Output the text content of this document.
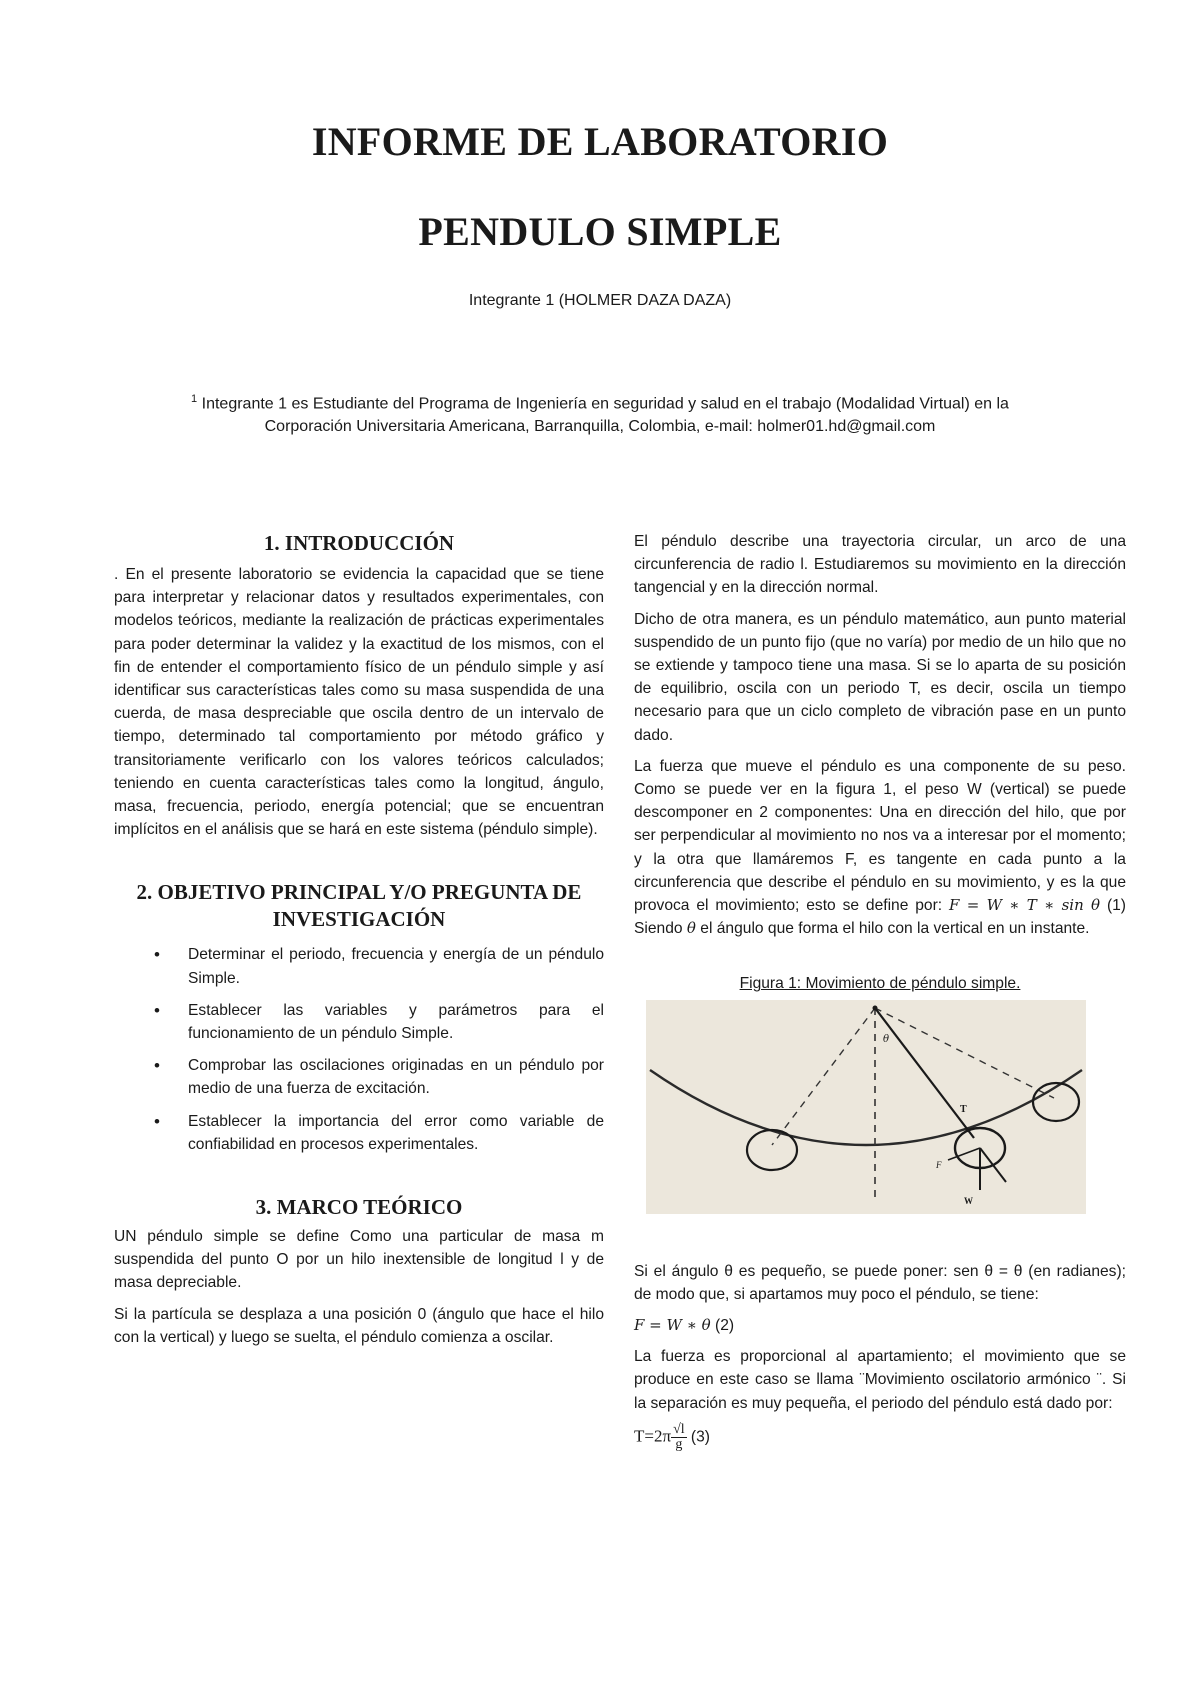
INFORME DE LABORATORIO
PENDULO SIMPLE
Integrante 1 (HOLMER DAZA DAZA)
$^1$ Integrante 1 es Estudiante del Programa de Ingeniería en seguridad y salud en el trabajo (Modalidad Virtual) en la
Corporación Universitaria Americana, Barranquilla, Colombia, e-mail: holmer01.hd@gmail.com
1. INTRODUCCIÓN

. En el presente laboratorio se evidencia la capacidad que se tiene para interpretar y relacionar datos y resultados experimentales, con modelos teóricos, mediante la realización de prácticas experimentales para poder determinar la validez y la exactitud de los mismos, con el fin de entender el comportamiento físico de un péndulo simple y así identificar sus características tales como su masa suspendida de una cuerda, de masa despreciable que oscila dentro de un intervalo de tiempo, determinado tal comportamiento por método gráfico y transitoriamente verificarlo con los valores teóricos calculados; teniendo en cuenta características tales como la longitud, ángulo, masa, frecuencia, periodo, energía potencial; que se encuentran implícitos en el análisis que se hará en este sistema (péndulo simple).

2. OBJETIVO PRINCIPAL Y/O PREGUNTA DE INVESTIGACIÓN
• Determinar el periodo, frecuencia y energía de un péndulo Simple.
• Establecer las variables y parámetros para el funcionamiento de un péndulo Simple.
• Comprobar las oscilaciones originadas en un péndulo por medio de una fuerza de excitación.
• Establecer la importancia del error como variable de confiabilidad en procesos experimentales.
3. MARCO TEÓRICO

UN péndulo simple se define Como una particular de masa m suspendida del punto O por un hilo inextensible de longitud l y de masa depreciable.

Si la partícula se desplaza a una posición 0 (ángulo que hace el hilo con la vertical) y luego se suelta, el péndulo comienza a oscilar.

El péndulo describe una trayectoria circular, un arco de una circunferencia de radio l. Estudiaremos su movimiento en la dirección tangencial y en la dirección normal.

Dicho de otra manera, es un péndulo matemático, aun punto material suspendido de un punto fijo (que no varía) por medio de un hilo que no se extiende y tampoco tiene una masa. Si se lo aparta de su posición de equilibrio, oscila con un periodo T, es decir, oscila un tiempo necesario para que un ciclo completo de vibración pase en un punto dado.

La fuerza que mueve el péndulo es una componente de su peso. Como se puede ver en la figura 1, el peso W (vertical) se puede descomponer en 2 componentes: Una en dirección del hilo, que por ser perpendicular al movimiento no nos va a interesar por el momento; y la otra que llamáremos F, es tangente en cada punto a la circunferencia que describe el péndulo en su movimiento, y es la que provoca el movimiento; esto se define por: F = W ∗ T ∗ sin θ (1) Siendo θ el ángulo que forma el hilo con la vertical en un instante.

Figura 1: Movimiento de péndulo simple.

θ
T
F
W

Si el ángulo θ es pequeño, se puede poner: sen θ = θ (en radianes); de modo que, si apartamos muy poco el péndulo, se tiene:

F = W ∗ θ (2)

La fuerza es proporcional al apartamiento; el movimiento que se produce en este caso se llama ¨Movimiento oscilatorio armónico ¨. Si la separación es muy pequeña, el periodo del péndulo está dado por:

$T=2\pi \frac{√l}{g} (3)$
